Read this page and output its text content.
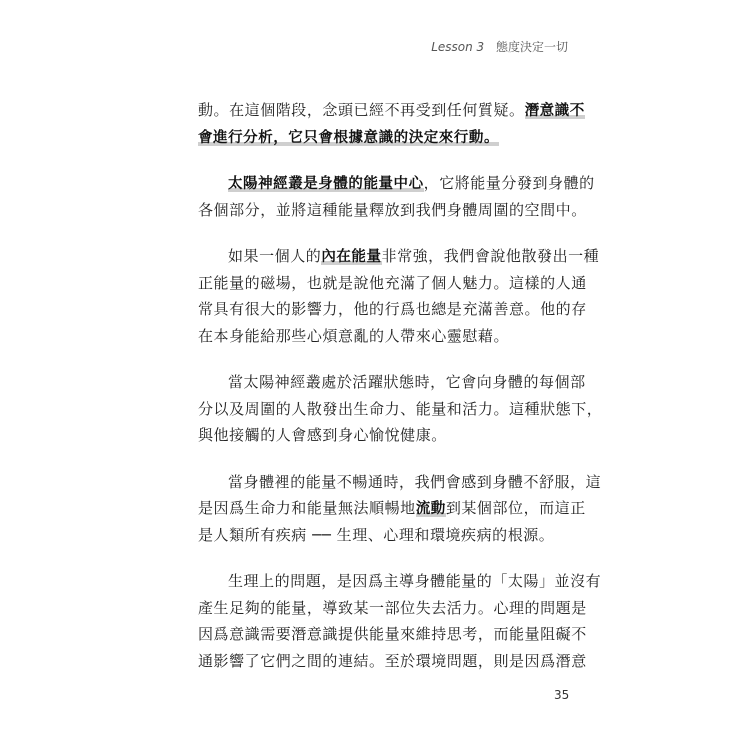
Lesson 3 態度決定一切
動。在這個階段，念頭已經不再受到任何質疑。潛意識不
會進行分析，它只會根據意識的決定來行動。
太陽神經叢是身體的能量中心，它將能量分發到身體的
各個部分，並將這種能量釋放到我們身體周圍的空間中。
如果一個人的內在能量非常強，我們會說他散發出一種
正能量的磁場，也就是說他充滿了個人魅力。這樣的人通
常具有很大的影響力，他的行爲也總是充滿善意。他的存
在本身能給那些心煩意亂的人帶來心靈慰藉。
當太陽神經叢處於活躍狀態時，它會向身體的每個部
分以及周圍的人散發出生命力、能量和活力。這種狀態下，
與他接觸的人會感到身心愉悅健康。
當身體裡的能量不暢通時，我們會感到身體不舒服，這
是因爲生命力和能量無法順暢地流動到某個部位，而這正
是人類所有疾病 ── 生理、心理和環境疾病的根源。
生理上的問題，是因爲主導身體能量的「太陽」並沒有
產生足夠的能量，導致某一部位失去活力。心理的問題是
因爲意識需要潛意識提供能量來維持思考，而能量阻礙不
通影響了它們之間的連結。至於環境問題，則是因爲潛意
35
